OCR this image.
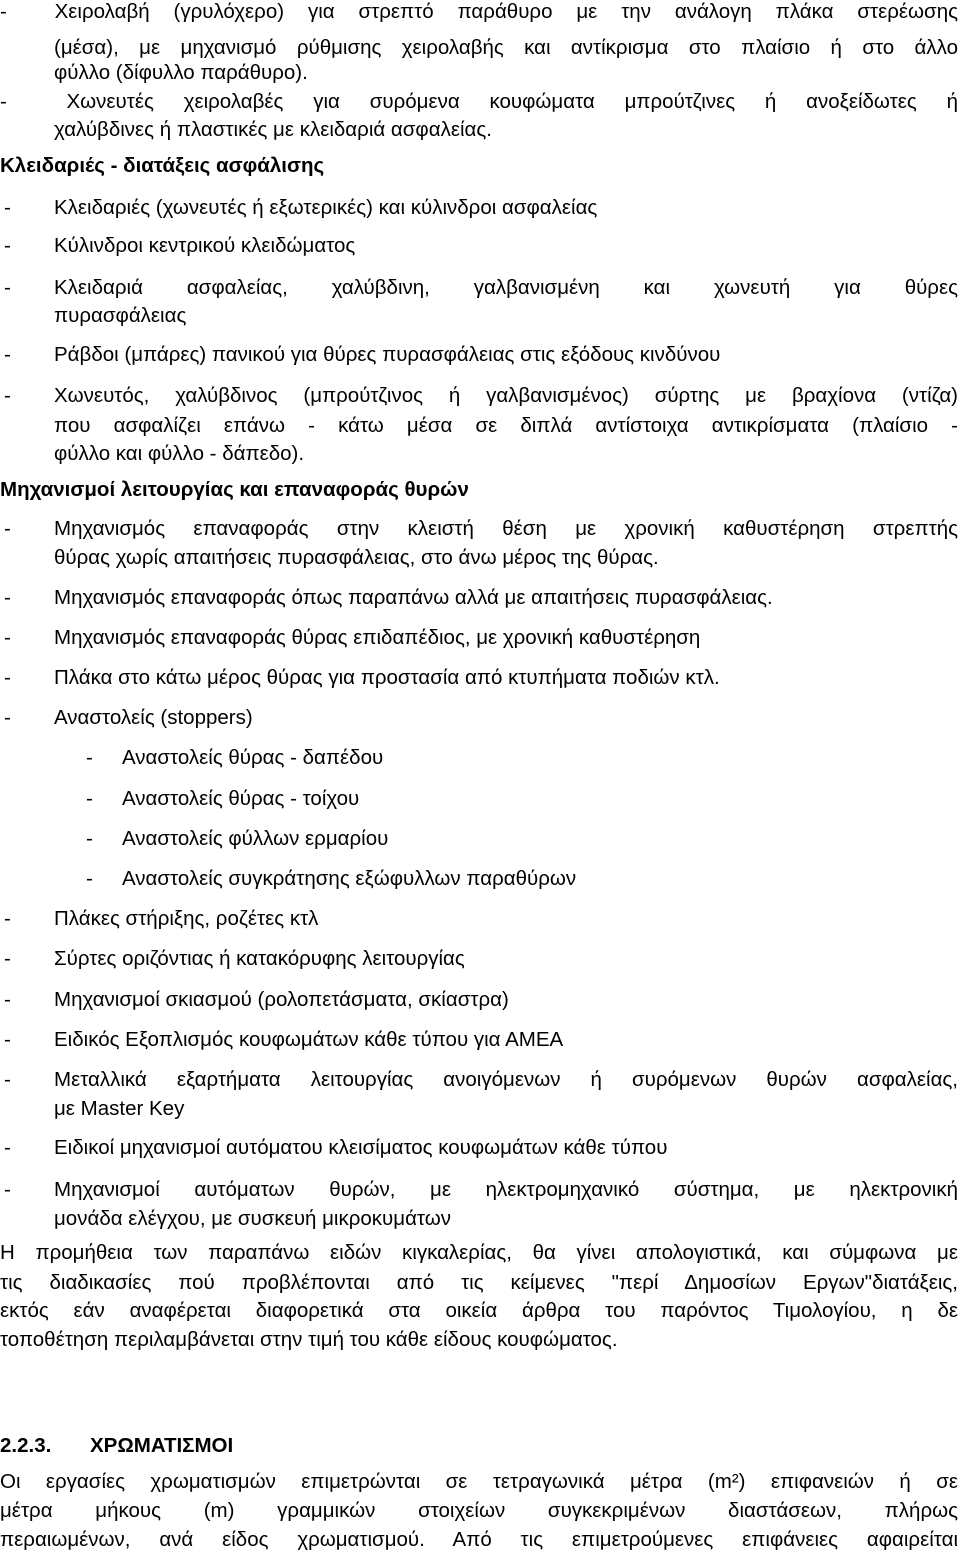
-  Χειρολαβή (γρυλόχερο) για στρεπτό παράθυρο με την ανάλογη πλάκα στερέωσης
(μέσα), με μηχανισμό ρύθμισης χειρολαβής και αντίκρισμα στο πλαίσιο ή στο άλλο
φύλλο (δίφυλλο παράθυρο).
-  Χωνευτές χειρολαβές για συρόμενα κουφώματα μπρούτζινες ή ανοξείδωτες ή
χαλύβδινες ή πλαστικές με κλειδαριά ασφαλείας.
Κλειδαριές - διατάξεις ασφάλισης
- Κλειδαριές (χωνευτές ή εξωτερικές) και κύλινδροι ασφαλείας
- Κύλινδροι κεντρικού κλειδώματος
- Κλειδαριά ασφαλείας, χαλύβδινη, γαλβανισμένη και χωνευτή για θύρες
πυρασφάλειας
- Ράβδοι (μπάρες) πανικού για θύρες πυρασφάλειας στις εξόδους κινδύνου
- Χωνευτός, χαλύβδινος (μπρούτζινος ή γαλβανισμένος) σύρτης με βραχίονα (ντίζα)
που ασφαλίζει επάνω - κάτω μέσα σε διπλά αντίστοιχα αντικρίσματα (πλαίσιο -
φύλλο και φύλλο - δάπεδο).
Μηχανισμοί λειτουργίας και επαναφοράς θυρών
- Μηχανισμός επαναφοράς στην κλειστή θέση με χρονική καθυστέρηση στρεπτής
θύρας χωρίς απαιτήσεις πυρασφάλειας, στο άνω μέρος της θύρας.
- Μηχανισμός επαναφοράς όπως παραπάνω αλλά με απαιτήσεις πυρασφάλειας.
- Μηχανισμός επαναφοράς θύρας επιδαπέδιος, με χρονική καθυστέρηση
- Πλάκα στο κάτω μέρος θύρας για προστασία από κτυπήματα ποδιών κτλ.
- Αναστολείς (stoppers)
- Αναστολείς θύρας - δαπέδου
- Αναστολείς θύρας - τοίχου
- Αναστολείς φύλλων ερμαρίου
- Αναστολείς συγκράτησης εξώφυλλων παραθύρων
- Πλάκες στήριξης, ροζέτες κτλ
- Σύρτες οριζόντιας ή κατακόρυφης λειτουργίας
- Μηχανισμοί σκιασμού (ρολοπετάσματα, σκίαστρα)
- Ειδικός Εξοπλισμός κουφωμάτων κάθε τύπου για ΑΜΕΑ
- Μεταλλικά εξαρτήματα λειτουργίας ανοιγόμενων ή συρόμενων θυρών ασφαλείας,
με Master Key
- Ειδικοί μηχανισμοί αυτόματου κλεισίματος κουφωμάτων κάθε τύπου
- Μηχανισμοί αυτόματων θυρών, με ηλεκτρομηχανικό σύστημα, με ηλεκτρονική
μονάδα ελέγχου, με συσκευή μικροκυμάτων
Η προμήθεια των παραπάνω ειδών κιγκαλερίας, θα γίνει απολογιστικά, και σύμφωνα με
τις διαδικασίες πού προβλέπονται από τις κείμενες "περί Δημοσίων Εργων"διατάξεις,
εκτός εάν αναφέρεται διαφορετικά στα οικεία άρθρα του παρόντος Τιμολογίου, η δε
τοποθέτηση περιλαμβάνεται στην τιμή του κάθε είδους κουφώματος.
2.2.3. ΧΡΩΜΑΤΙΣΜΟΙ
Οι εργασίες χρωματισμών επιμετρώνται σε τετραγωνικά μέτρα (m²) επιφανειών ή σε
μέτρα μήκους (m) γραμμικών στοιχείων συγκεκριμένων διαστάσεων, πλήρως
περαιωμένων, ανά είδος χρωματισμού. Από τις επιμετρούμενες επιφάνειες αφαιρείται
